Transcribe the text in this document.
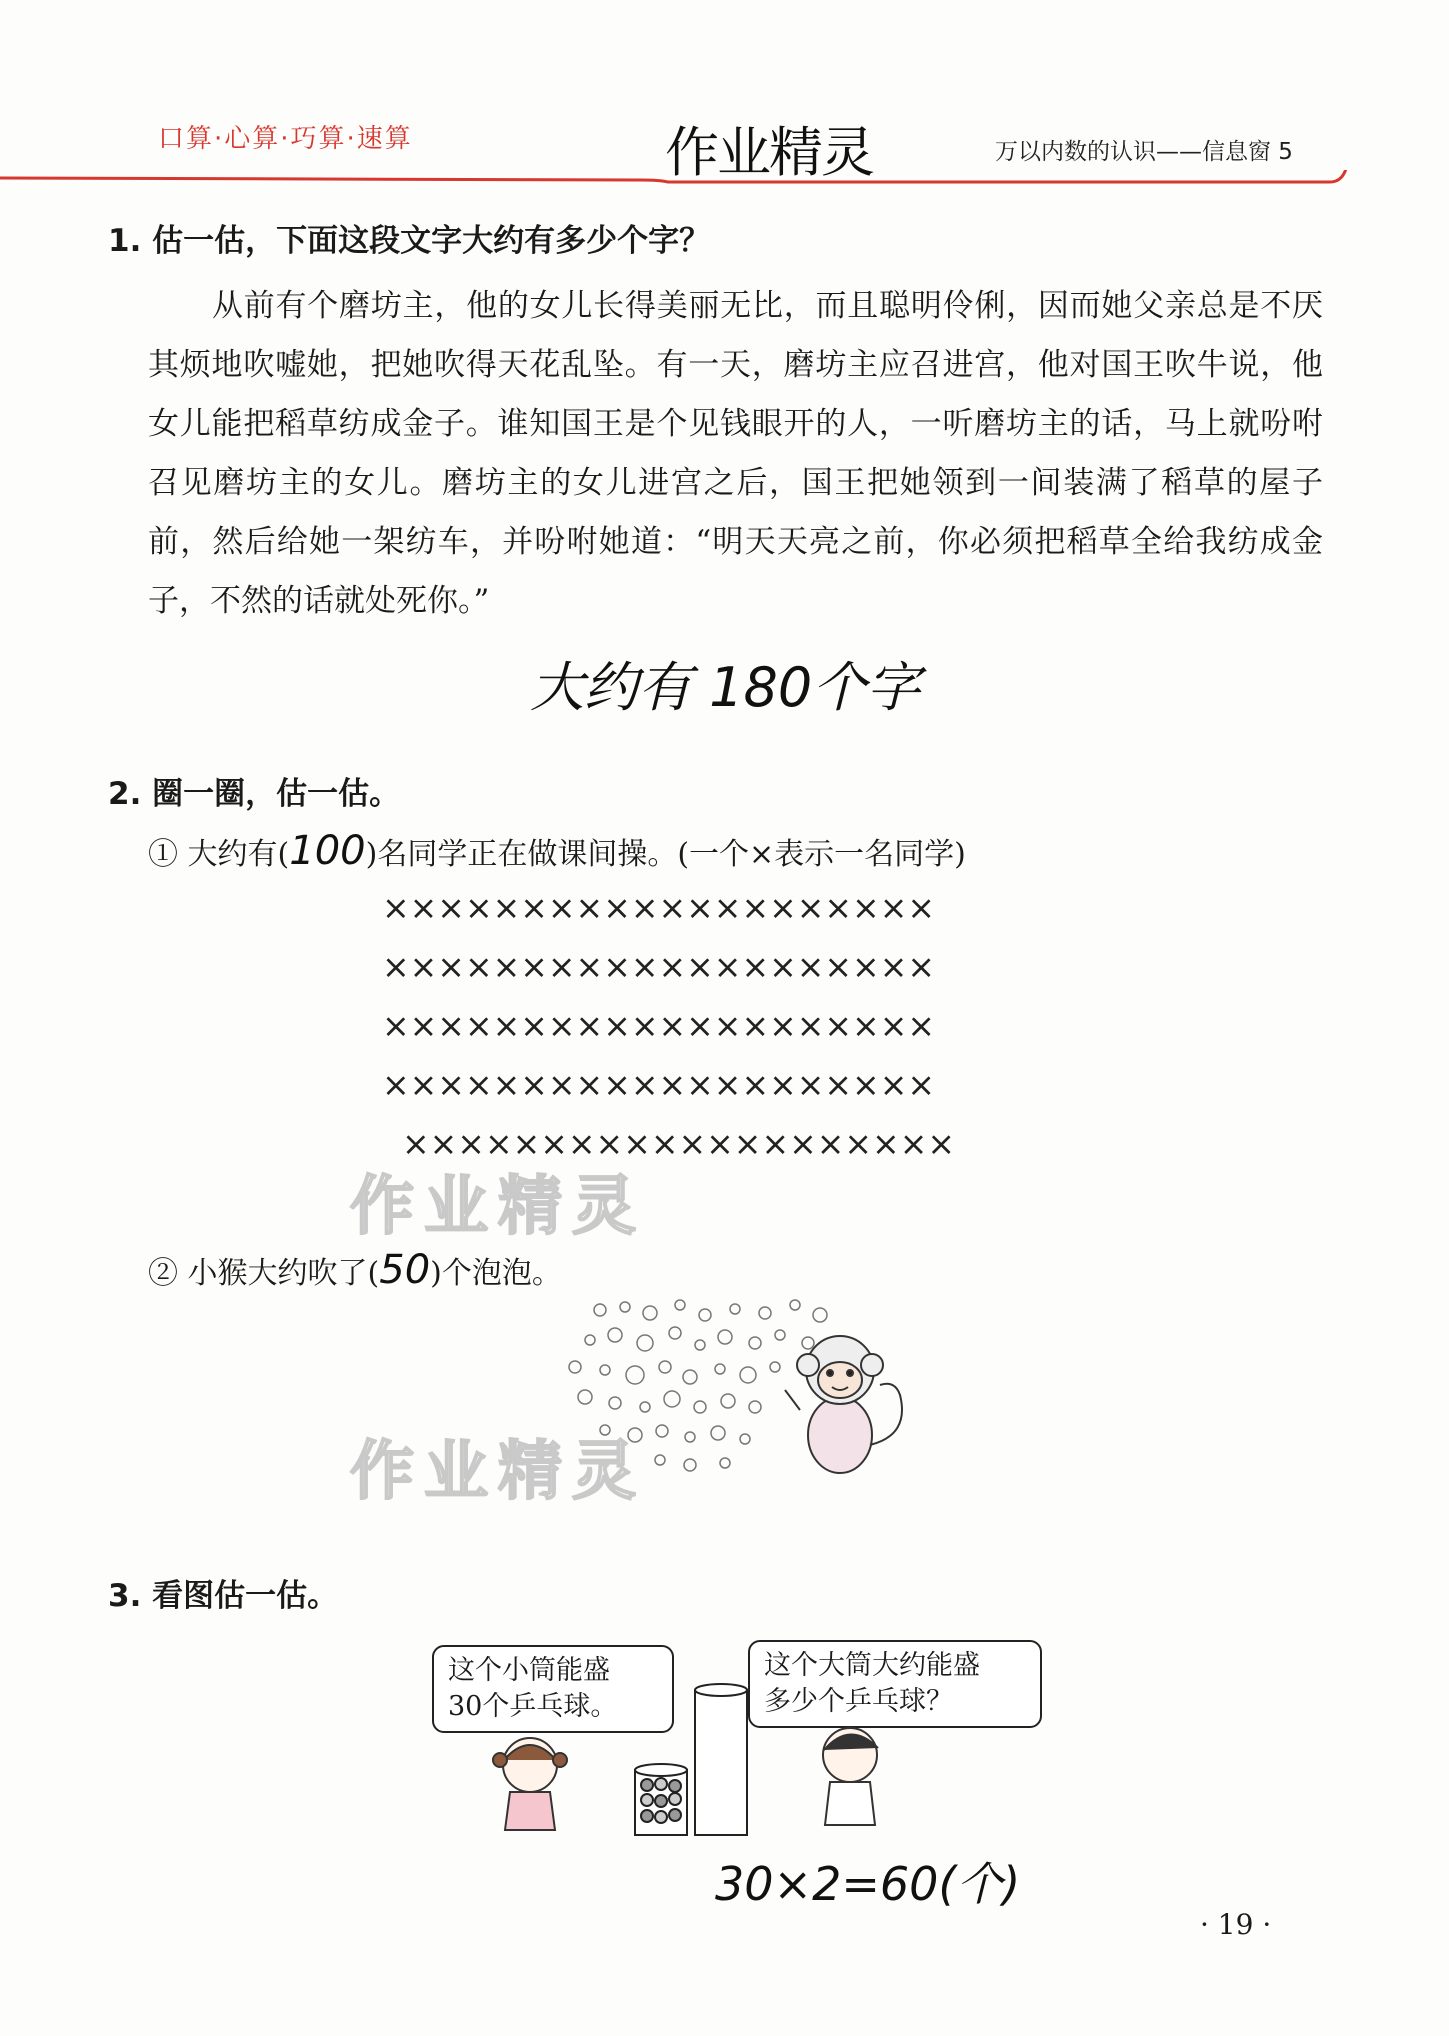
口算·心算·巧算·速算	作业精灵	万以内数的认识——信息窗 5
1. 估一估，下面这段文字大约有多少个字？

从前有个磨坊主，他的女儿长得美丽无比，而且聪明伶俐，因而她父亲总是不厌其烦地吹嘘她，把她吹得天花乱坠。有一天，磨坊主应召进宫，他对国王吹牛说，他女儿能把稻草纺成金子。谁知国王是个见钱眼开的人，一听磨坊主的话，马上就吩咐召见磨坊主的女儿。磨坊主的女儿进宫之后，国王把她领到一间装满了稻草的屋子前，然后给她一架纺车，并吩咐她道：“明天天亮之前，你必须把稻草全给我纺成金子，不然的话就处死你。”

大约有 180个字
2. 圈一圈，估一估。
① 大约有(100)名同学正在做课间操。(一个×表示一名同学)
××××××××××××××××××××
××××××××××××××××××××
××××××××××××××××××××
××××××××××××××××××××
××××××××××××××××××××
作业精灵
② 小猴大约吹了(50)个泡泡。
作业精灵
3. 看图估一估。
这个小筒能盛
30个乒乓球。
这个大筒大约能盛
多少个乒乓球？
30×2=60(个)
· 19 ·
